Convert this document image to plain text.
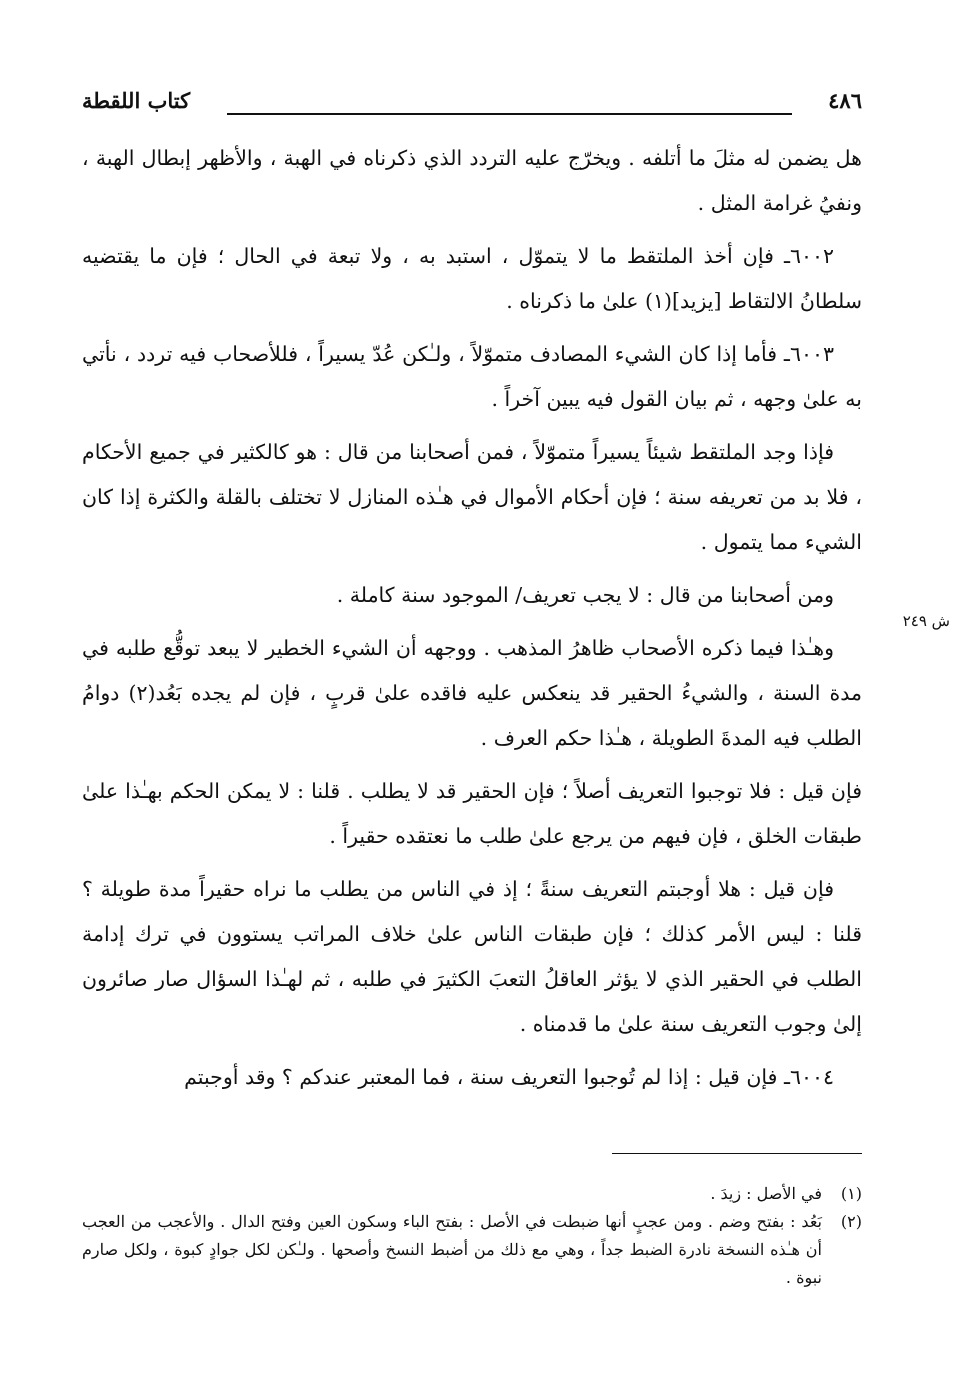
٤٨٦
كتاب اللقطة
ش ٢٤٩

هل يضمن له مثلَ ما أتلفه . ويخرّج عليه التردد الذي ذكرناه في الهبة ، والأظهر إبطال الهبة ، ونفيُ غرامة المثل .

٦٠٠٢ـ فإن أخذ الملتقط ما لا يتموّل ، استبد به ، ولا تبعة في الحال ؛ فإن ما يقتضيه سلطانُ الالتقاط [يزيد](١) علىٰ ما ذكرناه .

٦٠٠٣ـ فأما إذا كان الشيء المصادف متموّلاً ، ولـٰكن عُدّ يسيراً ، فللأصحاب فيه تردد ، نأتي به علىٰ وجهه ، ثم بيان القول فيه يبين آخراً .

فإذا وجد الملتقط شيئاً يسيراً متموّلاً ، فمن أصحابنا من قال : هو كالكثير في جميع الأحكام ، فلا بد من تعريفه سنة ؛ فإن أحكام الأموال في هـٰذه المنازل لا تختلف بالقلة والكثرة إذا كان الشيء مما يتمول .

ومن أصحابنا من قال : لا يجب تعريف/ الموجود سنة كاملة .

وهـٰذا فيما ذكره الأصحاب ظاهرُ المذهب . ووجهه أن الشيء الخطير لا يبعد توقُّع طلبه في مدة السنة ، والشيءُ الحقير قد ينعكس عليه فاقده علىٰ قربٍ ، فإن لم يجده بَعُد(٢) دوامُ الطلب فيه المدةَ الطويلة ، هـٰذا حكم العرف .

فإن قيل : فلا توجبوا التعريف أصلاً ؛ فإن الحقير قد لا يطلب . قلنا : لا يمكن الحكم بهـٰذا علىٰ طبقات الخلق ، فإن فيهم من يرجع علىٰ طلب ما نعتقده حقيراً .

فإن قيل : هلا أوجبتم التعريف سنةً ؛ إذ في الناس من يطلب ما نراه حقيراً مدة طويلة ؟ قلنا : ليس الأمر كذلك ؛ فإن طبقات الناس علىٰ خلاف المراتب يستوون في ترك إدامة الطلب في الحقير الذي لا يؤثر العاقلُ التعبَ الكثيرَ في طلبه ، ثم لهـٰذا السؤال صار صائرون إلىٰ وجوب التعريف سنة علىٰ ما قدمناه .

٦٠٠٤ـ فإن قيل : إذا لم تُوجبوا التعريف سنة ، فما المعتبر عندكم ؟ وقد أوجبتم

(١)
في الأصل : زيدَ .
(٢)
بَعُد : بفتح وضم . ومن عجبٍ أنها ضبطت في الأصل : بفتح الباء وسكون العين وفتح الدال . والأعجب من العجب أن هـٰذه النسخة نادرة الضبط جداً ، وهي مع ذلك من أضبط النسخ وأصحها . ولـٰكن لكل جوادٍ كبوة ، ولكل صارم نبوة .
